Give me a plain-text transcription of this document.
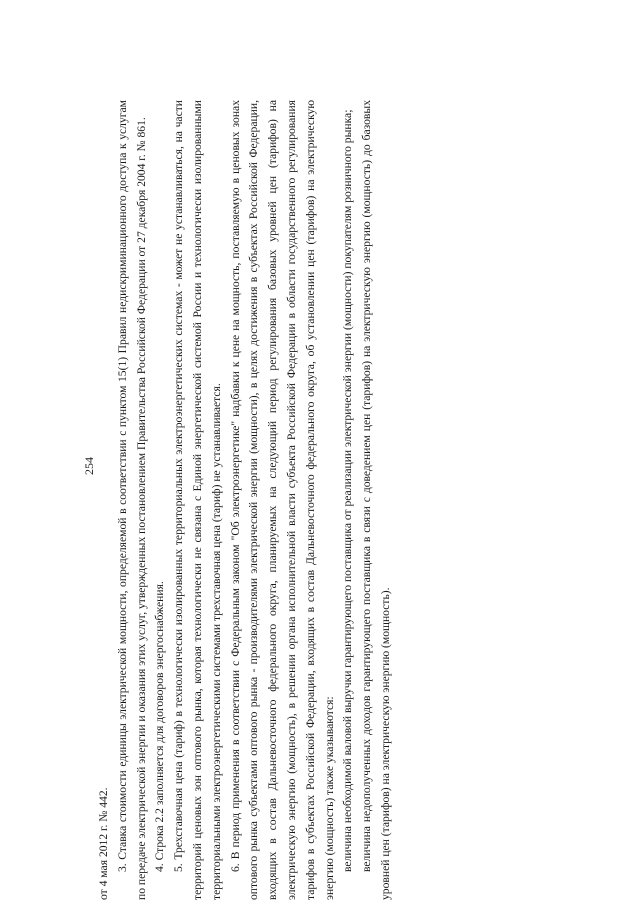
254

от 4 мая 2012 г. № 442. 3. Ставка стоимости единицы электрической мощности, определяемой в соответствии с пунктом 15(1) Правил недискриминационного доступа к услугам по передаче электрической энергии и оказания этих услуг, утвержденных постановлением Правительства Российской Федерации от 27 декабря 2004 г. № 861. 4. Строка 2.2 заполняется для договоров энергоснабжения. 5. Трехставочная цена (тариф) в технологически изолированных территориальных электроэнергетических системах - может не устанавливаться, на части территорий ценовых зон оптового рынка, которая технологически не связана с Единой энергетической системой России и технологически изолированными территориальными электроэнергетическими системами трехставочная цена (тариф) не устанавливается. 6. В период применения в соответствии с Федеральным законом "Об электроэнергетике" надбавки к цене на мощность, поставляемую в ценовых зонах оптового рынка субъектами оптового рынка - производителями электрической энергии (мощности), в целях достижения в субъектах Российской Федерации, входящих в состав Дальневосточного федерального округа, планируемых на следующий период регулирования базовых уровней цен (тарифов) на электрическую энергию (мощность), в решении органа исполнительной власти субъекта Российской Федерации в области государственного регулирования тарифов в субъектах Российской Федерации, входящих в состав Дальневосточного федерального округа, об установлении цен (тарифов) на электрическую энергию (мощность) также указываются: величина необходимой валовой выручки гарантирующего поставщика от реализации электрической энергии (мощности) покупателям розничного рынка; величина недополученных доходов гарантирующего поставщика в связи с доведением цен (тарифов) на электрическую энергию (мощность) до базовых уровней цен (тарифов) на электрическую энергию (мощность).
